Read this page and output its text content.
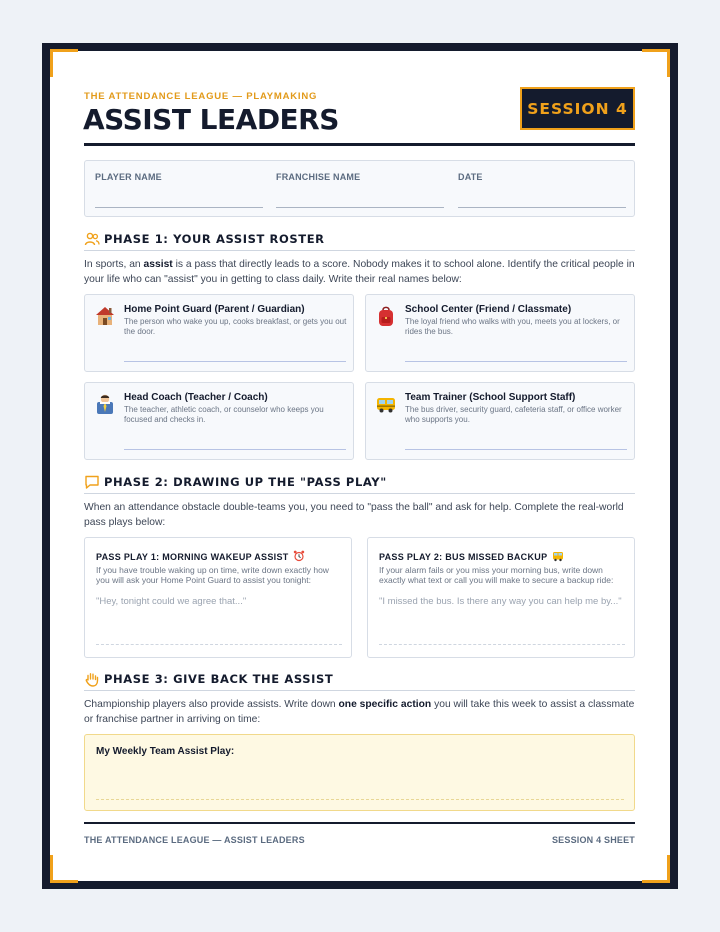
THE ATTENDANCE LEAGUE — PLAYMAKING
ASSIST LEADERS	SESSION 4
PLAYER NAME	FRANCHISE NAME	DATE
PHASE 1: YOUR ASSIST ROSTER
In sports, an assist is a pass that directly leads to a score. Nobody makes it to school alone. Identify the critical people in your life who can "assist" you in getting to class daily. Write their real names below:
Home Point Guard (Parent / Guardian)
The person who wake you up, cooks breakfast, or gets you out the door.
School Center (Friend / Classmate)
The loyal friend who walks with you, meets you at lockers, or rides the bus.
Head Coach (Teacher / Coach)
The teacher, athletic coach, or counselor who keeps you focused and checks in.
Team Trainer (School Support Staff)
The bus driver, security guard, cafeteria staff, or office worker who supports you.
PHASE 2: DRAWING UP THE "PASS PLAY"
When an attendance obstacle double-teams you, you need to "pass the ball" and ask for help. Complete the real-world pass plays below:
PASS PLAY 1: MORNING WAKEUP ASSIST
If you have trouble waking up on time, write down exactly how you will ask your Home Point Guard to assist you tonight:
"Hey, tonight could we agree that..."
PASS PLAY 2: BUS MISSED BACKUP
If your alarm fails or you miss your morning bus, write down exactly what text or call you will make to secure a backup ride:
"I missed the bus. Is there any way you can help me by..."
PHASE 3: GIVE BACK THE ASSIST
Championship players also provide assists. Write down one specific action you will take this week to assist a classmate or franchise partner in arriving on time:
My Weekly Team Assist Play:
THE ATTENDANCE LEAGUE — ASSIST LEADERS	SESSION 4 SHEET
